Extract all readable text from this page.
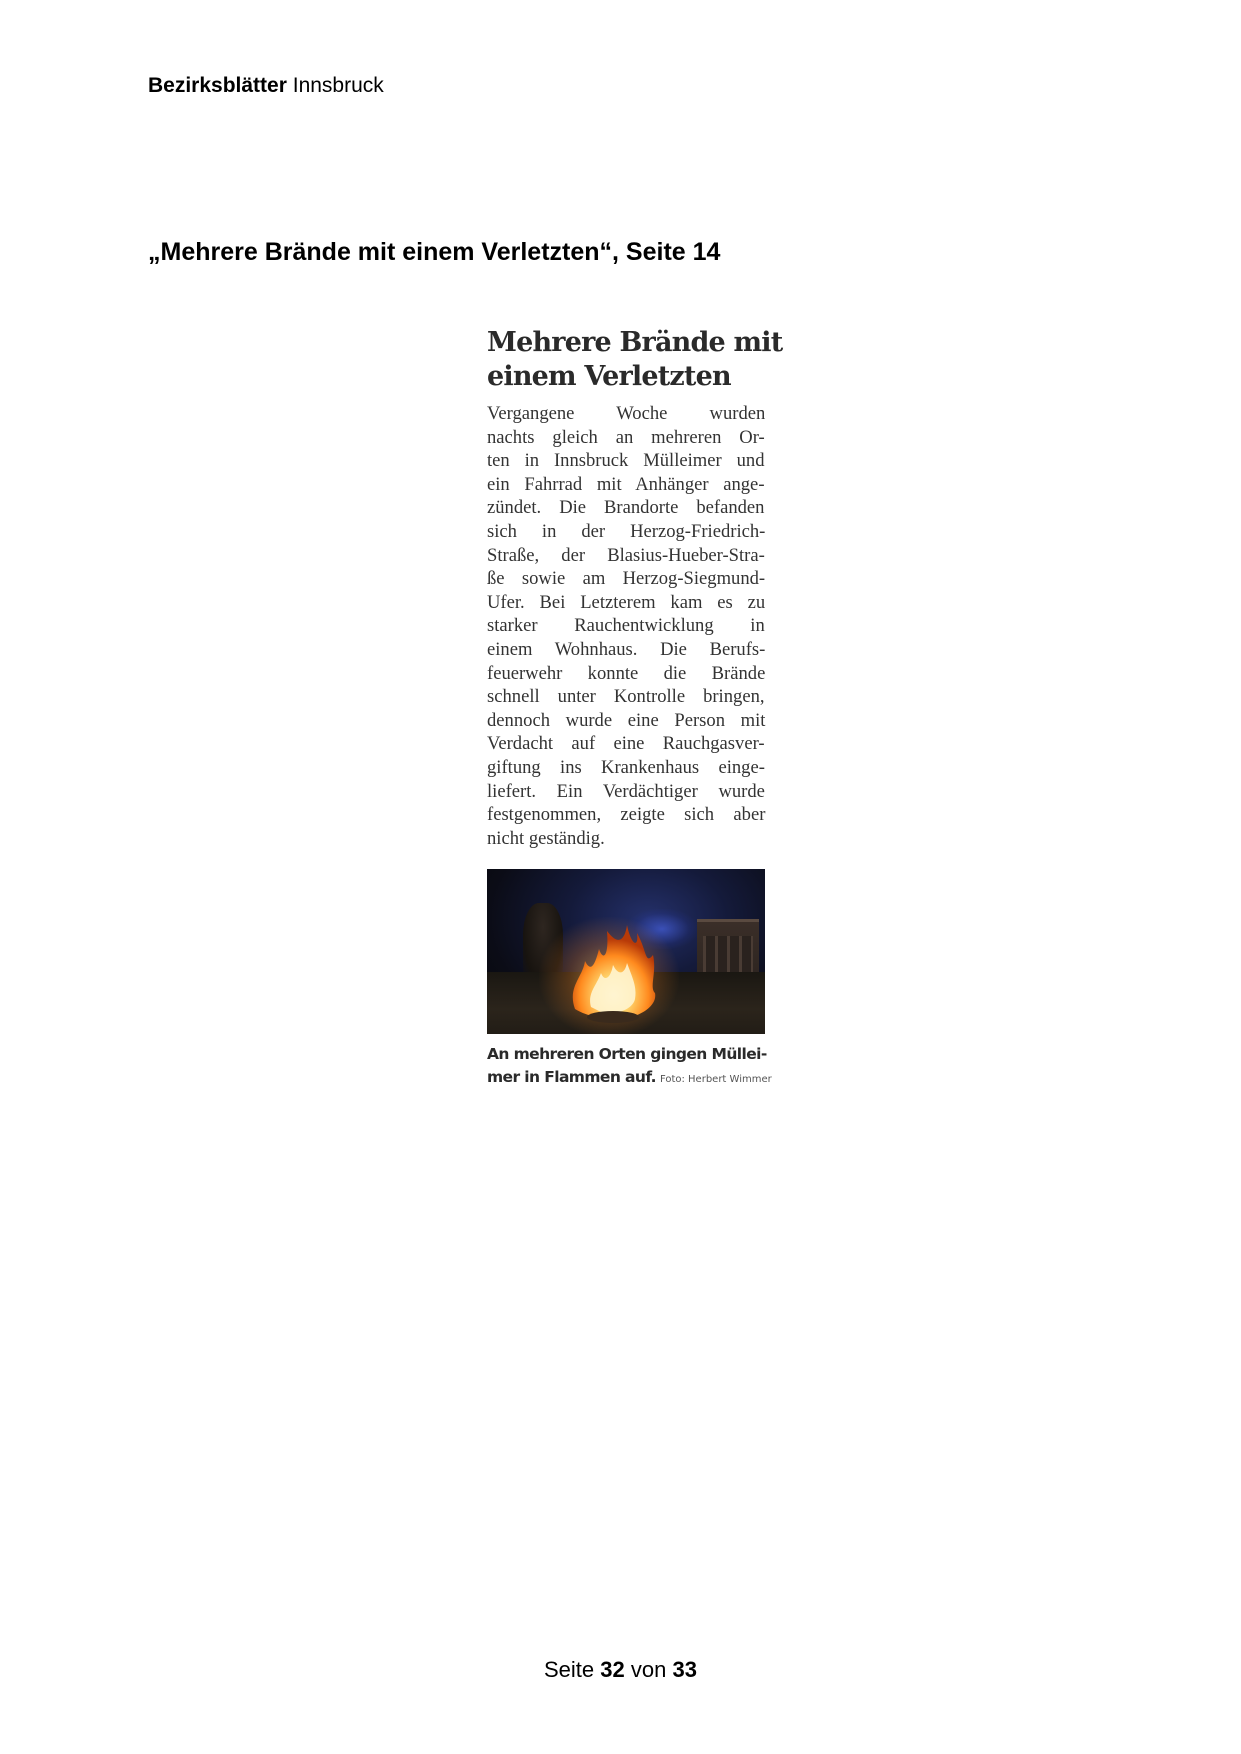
Bezirksblätter Innsbruck
„Mehrere Brände mit einem Verletzten“, Seite 14
Mehrere Brände mit
einem Verletzten
Vergangene Woche wurden
nachts gleich an mehreren Or-
ten in Innsbruck Mülleimer und
ein Fahrrad mit Anhänger ange-
zündet. Die Brandorte befanden
sich in der Herzog-Friedrich-
Straße, der Blasius-Hueber-Stra-
ße sowie am Herzog-Siegmund-
Ufer. Bei Letzterem kam es zu
starker Rauchentwicklung in
einem Wohnhaus. Die Berufs-
feuerwehr konnte die Brände
schnell unter Kontrolle bringen,
dennoch wurde eine Person mit
Verdacht auf eine Rauchgasver-
giftung ins Krankenhaus einge-
liefert. Ein Verdächtiger wurde
festgenommen, zeigte sich aber
nicht geständig.
An mehreren Orten gingen Müllei-
mer in Flammen auf. Foto: Herbert Wimmer
Seite 32 von 33
